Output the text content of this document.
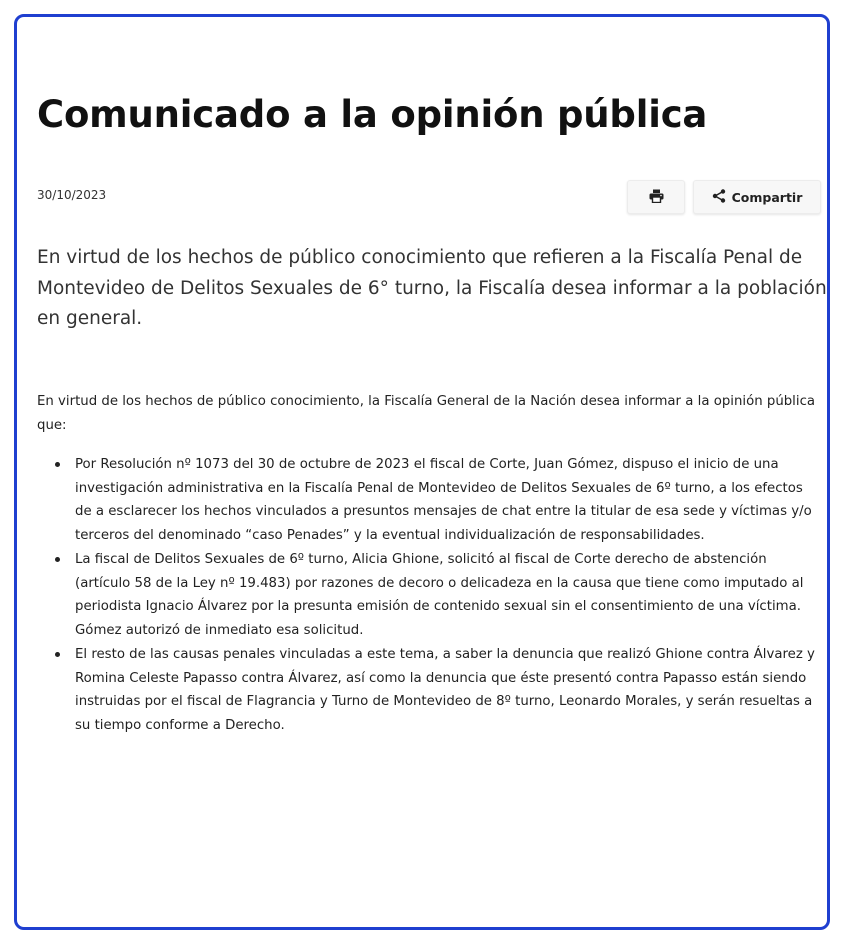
Comunicado a la opinión pública
30/10/2023	Compartir

En virtud de los hechos de público conocimiento que refieren a la Fiscalía Penal de Montevideo de Delitos Sexuales de 6° turno, la Fiscalía desea informar a la población en general.

En virtud de los hechos de público conocimiento, la Fiscalía General de la Nación desea informar a la opinión pública que:

Por Resolución nº 1073 del 30 de octubre de 2023 el fiscal de Corte, Juan Gómez, dispuso el inicio de una investigación administrativa en la Fiscalía Penal de Montevideo de Delitos Sexuales de 6º turno, a los efectos de a esclarecer los hechos vinculados a presuntos mensajes de chat entre la titular de esa sede y víctimas y/o terceros del denominado “caso Penades” y la eventual individualización de responsabilidades.
La fiscal de Delitos Sexuales de 6º turno, Alicia Ghione, solicitó al fiscal de Corte derecho de abstención (artículo 58 de la Ley nº 19.483) por razones de decoro o delicadeza en la causa que tiene como imputado al periodista Ignacio Álvarez por la presunta emisión de contenido sexual sin el consentimiento de una víctima. Gómez autorizó de inmediato esa solicitud.
El resto de las causas penales vinculadas a este tema, a saber la denuncia que realizó Ghione contra Álvarez y Romina Celeste Papasso contra Álvarez, así como la denuncia que éste presentó contra Papasso están siendo instruidas por el fiscal de Flagrancia y Turno de Montevideo de 8º turno, Leonardo Morales, y serán resueltas a su tiempo conforme a Derecho.
